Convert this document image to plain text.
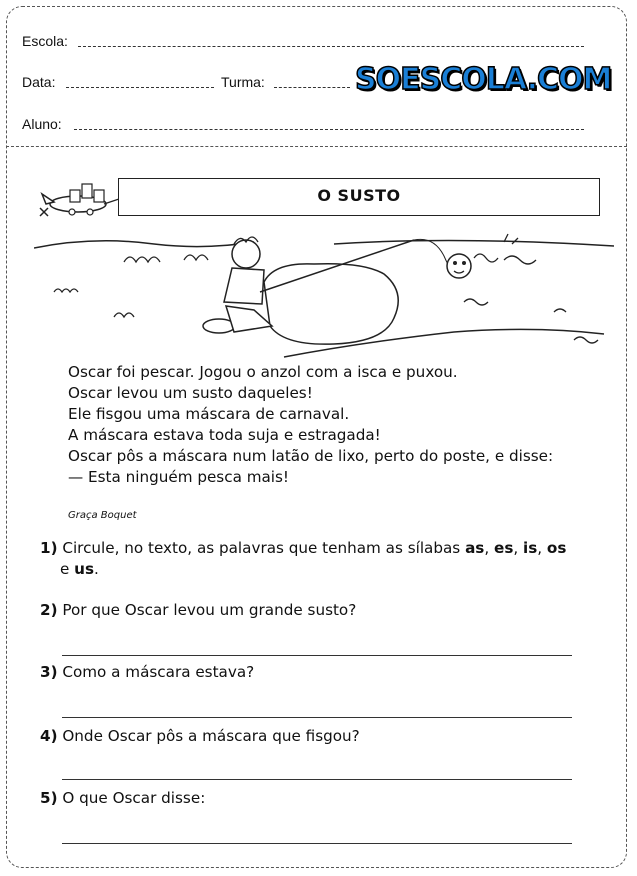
Escola:
Data:	Turma:	SOESCOLA.COM
Aluno:
O SUSTO
Oscar foi pescar. Jogou o anzol com a isca e puxou.
Oscar levou um susto daqueles!
Ele fisgou uma máscara de carnaval.
A máscara estava toda suja e estragada!
Oscar pôs a máscara num latão de lixo, perto do poste, e disse:
— Esta ninguém pesca mais!
Graça Boquet
1) Circule, no texto, as palavras que tenham as sílabas as, es, is, os
e us.
2) Por que Oscar levou um grande susto?
3) Como a máscara estava?
4) Onde Oscar pôs a máscara que fisgou?
5) O que Oscar disse:
